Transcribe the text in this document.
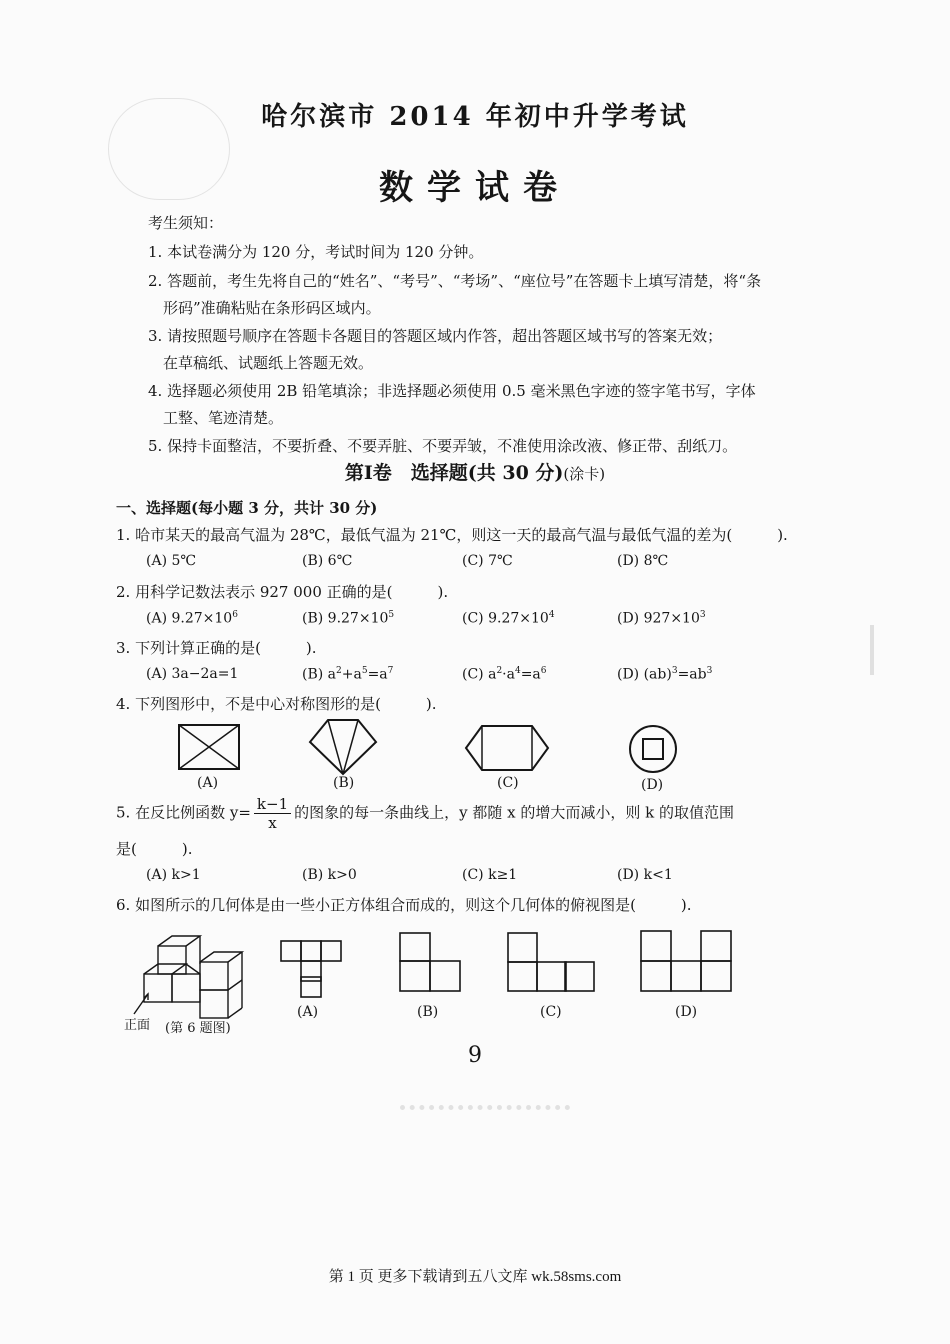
哈尔滨市 2014 年初中升学考试
数学试卷
考生须知：
1. 本试卷满分为 120 分，考试时间为 120 分钟。
2. 答题前，考生先将自己的“姓名”、“考号”、“考场”、“座位号”在答题卡上填写清楚，将“条
形码”准确粘贴在条形码区域内。
3. 请按照题号顺序在答题卡各题目的答题区域内作答，超出答题区域书写的答案无效；
在草稿纸、试题纸上答题无效。
4. 选择题必须使用 2B 铅笔填涂；非选择题必须使用 0.5 毫米黑色字迹的签字笔书写，字体
工整、笔迹清楚。
5. 保持卡面整洁，不要折叠、不要弄脏、不要弄皱，不准使用涂改液、修正带、刮纸刀。
第Ⅰ卷　选择题(共 30 分)(涂卡)
一、选择题(每小题 3 分，共计 30 分)
1. 哈市某天的最高气温为 28℃，最低气温为 21℃，则这一天的最高气温与最低气温的差为(　　　).
(A) 5℃	(B) 6℃	(C) 7℃	(D) 8℃
2. 用科学记数法表示 927 000 正确的是(　　　).
(A) $9.27\times 10^6$	(B) $9.27\times 10^5$	(C) $9.27\times 10^4$	(D) $927\times 10^3$
3. 下列计算正确的是(　　　).
(A) 3a−2a=1	(B) $a^2+a^5=a^7$	(C) $a^2\cdot a^4=a^6$	(D) $(ab)^3=ab^3$
4. 下列图形中，不是中心对称图形的是(　　　).
(A)	(B)	(C)	(D)
5. 在反比例函数 $y= \frac{k-1}{x}$ 的图象的每一条曲线上，y 都随 x 的增大而减小，则 k 的取值范围
是(　　　).
(A) k>1	(B) k>0	(C) k≥1	(D) k<1
6. 如图所示的几何体是由一些小正方体组合而成的，则这个几何体的俯视图是(　　　).
正面 (第 6 题图)
(A)	(B)	(C)	(D)
9
第 1 页 更多下载请到五八文库 wk.58sms.com
